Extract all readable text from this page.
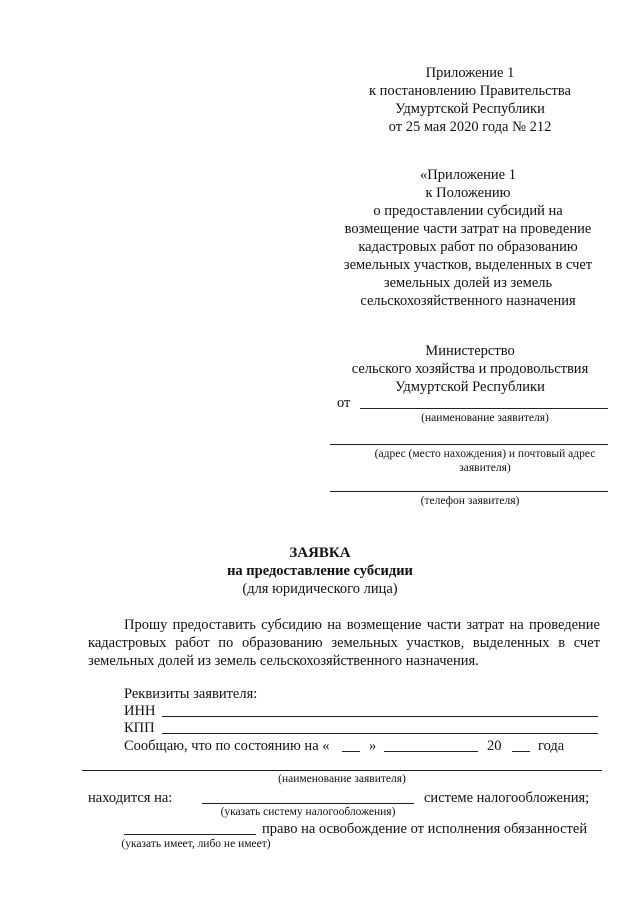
Приложение 1
к постановлению Правительства
Удмуртской Республики
от 25 мая 2020 года № 212
«Приложение 1
к Положению
о предоставлении субсидий на
возмещение части затрат на проведение
кадастровых работ по образованию
земельных участков, выделенных в счет
земельных долей из земель
сельскохозяйственного назначения
Министерство
сельского хозяйства и продовольствия
Удмуртской Республики
от
(наименование заявителя)
(адрес (место нахождения) и почтовый адрес
заявителя)
(телефон заявителя)
ЗАЯВКА
на предоставление субсидии
(для юридического лица)
Прошу предоставить субсидию на возмещение части затрат на проведение кадастровых работ по образованию земельных участков, выделенных в счет земельных долей из земель сельскохозяйственного назначения.
Реквизиты заявителя:
ИНН
КПП
Сообщаю, что по состоянию на «	»	20	года
(наименование заявителя)
находится на:	системе налогообложения;
(указать систему налогообложения)
право на освобождение от исполнения обязанностей
(указать имеет, либо не имеет)
